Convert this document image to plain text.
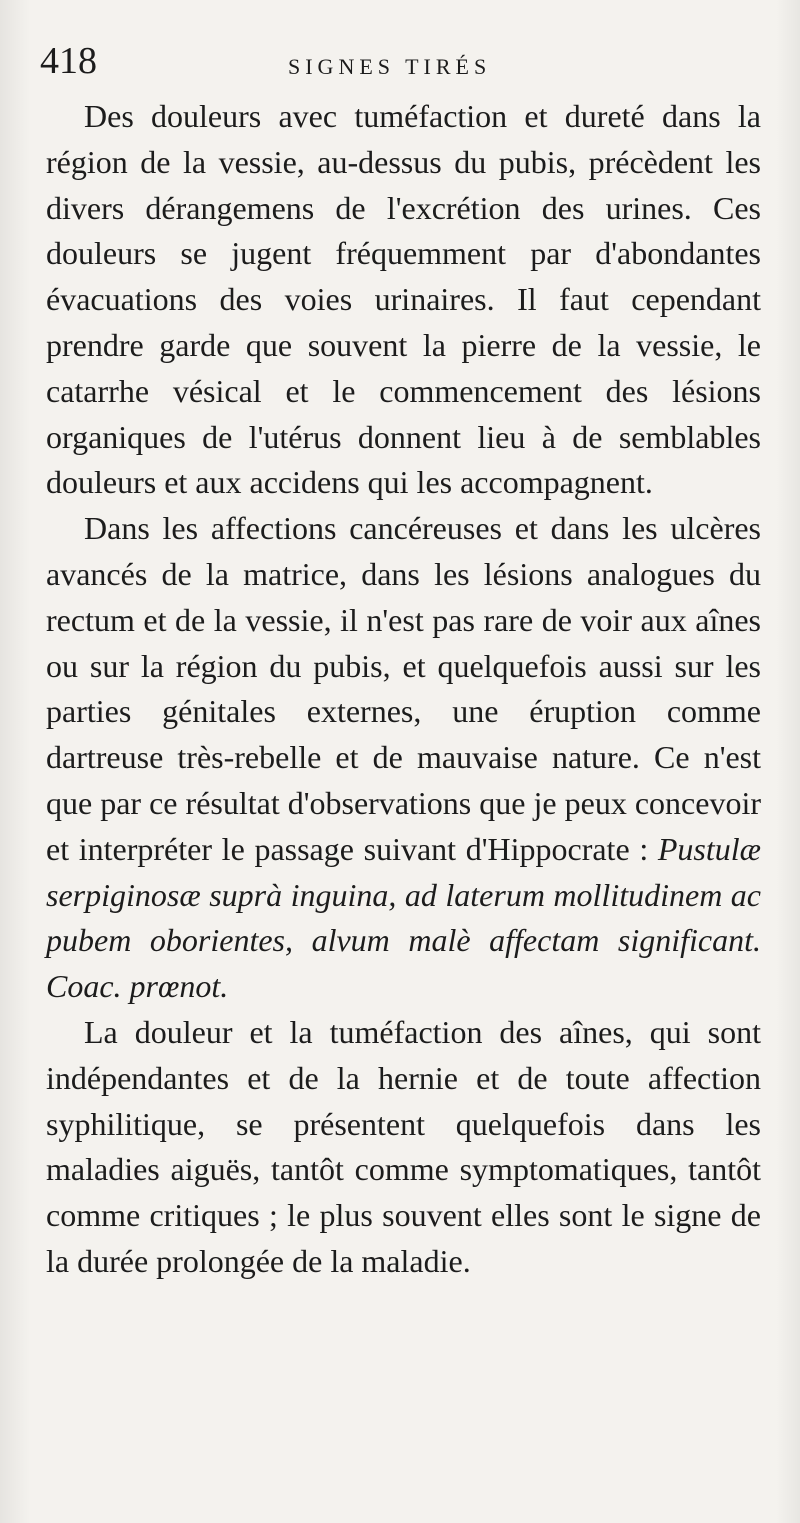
418	SIGNES TIRÉS

Des douleurs avec tuméfaction et dureté dans la région de la vessie, au-dessus du pubis, précèdent les divers dérangemens de l'excrétion des urines. Ces douleurs se jugent fréquemment par d'abondantes évacuations des voies urinaires. Il faut cependant prendre garde que souvent la pierre de la vessie, le catarrhe vésical et le commencement des lésions organiques de l'utérus donnent lieu à de semblables douleurs et aux accidens qui les accompagnent.

Dans les affections cancéreuses et dans les ulcères avancés de la matrice, dans les lésions analogues du rectum et de la vessie, il n'est pas rare de voir aux aînes ou sur la région du pubis, et quelquefois aussi sur les parties génitales externes, une éruption comme dartreuse très-rebelle et de mauvaise nature. Ce n'est que par ce résultat d'observations que je peux concevoir et interpréter le passage suivant d'Hippocrate : Pustulæ serpiginosæ suprà inguina, ad laterum mollitudinem ac pubem oborientes, alvum malè affectam significant. Coac. prœnot.

La douleur et la tuméfaction des aînes, qui sont indépendantes et de la hernie et de toute affection syphilitique, se présentent quelquefois dans les maladies aiguës, tantôt comme symptomatiques, tantôt comme critiques ; le plus souvent elles sont le signe de la durée prolongée de la maladie.
